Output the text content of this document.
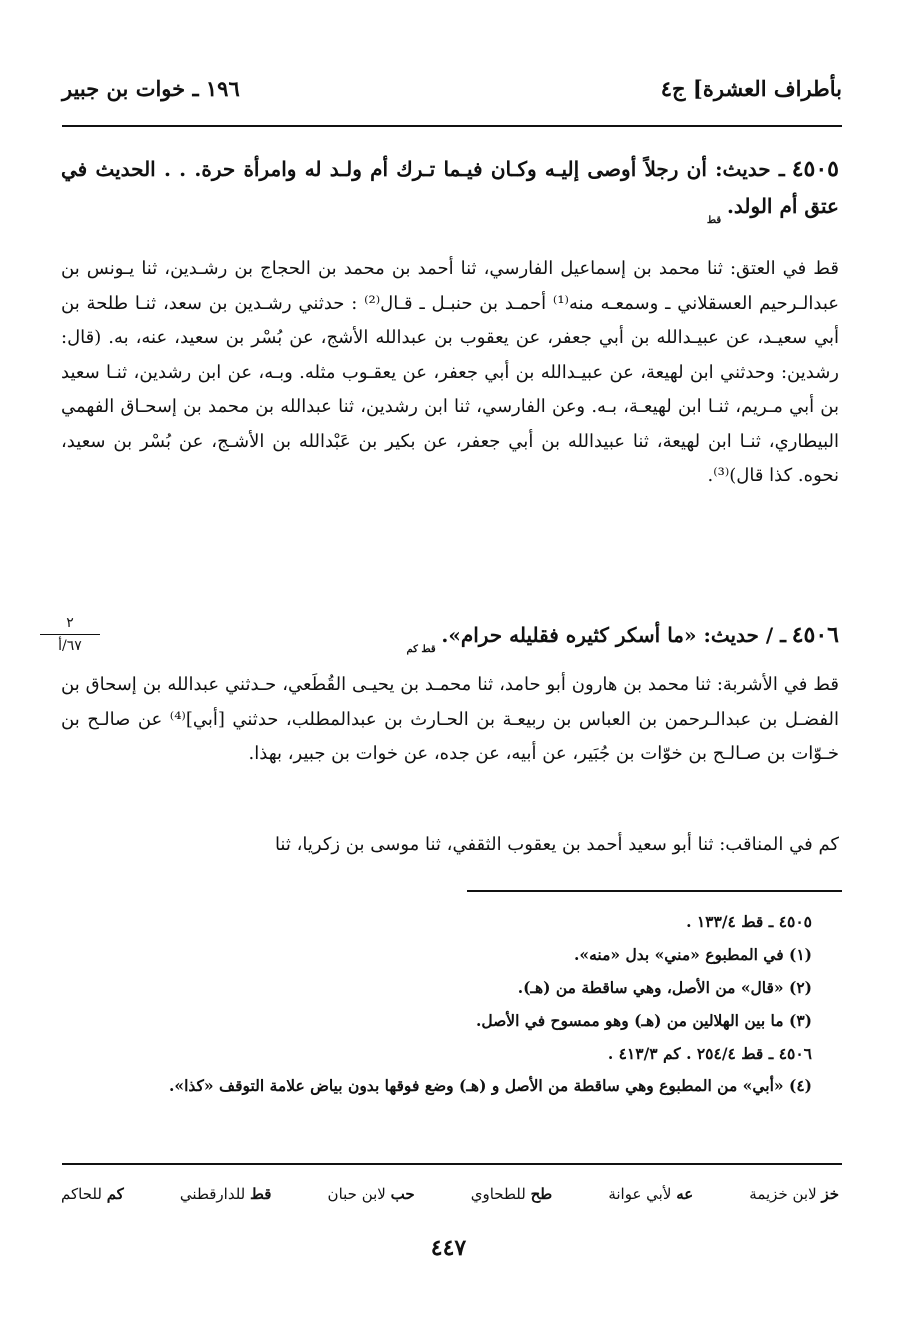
بأطراف العشرة] ج٤
١٩٦ ـ خوات بن جبير
٤٥٠٥ ـ حديث: أن رجلاً أوصى إليـه وكـان فيـما تـرك أم ولـد له وامرأة حرة. . . الحديث في عتق أم الولد. $_{قط}$
قط في العتق: ثنا محمد بن إسماعيل الفارسي، ثنا أحمد بن محمد بن الحجاج بن رشـدين، ثنا يـونس بن عبدالـرحيم العسقلاني ـ وسمعـه منه⁽¹⁾ أحمـد بن حنبـل ـ قـال⁽²⁾ : حدثني رشـدين بن سعد، ثنـا طلحة بن أبي سعيـد، عن عبيـدالله بن أبي جعفر، عن يعقوب بن عبدالله الأشج، عن بُسْر بن سعيد، عنه، به. (قال: رشدين: وحدثني ابن لهيعة، عن عبيـدالله بن أبي جعفر، عن يعقـوب مثله. وبـه، عن ابن رشدين، ثنـا سعيد بن أبي مـريم، ثنـا ابن لهيعـة، بـه. وعن الفارسي، ثنا ابن رشدين، ثنا عبدالله بن محمد بن إسحـاق الفهمي البيطاري، ثنـا ابن لهيعة، ثنا عبيدالله بن أبي جعفر، عن بكير بن عَبْدالله بن الأشـج، عن بُسْر بن سعيد، نحوه. كذا قال)⁽³⁾.
٢
٦٧/أ	٤٥٠٦ ـ / حديث: «ما أسكر كثيره فقليله حرام». $_{قط كم}$
قط في الأشربة: ثنا محمد بن هارون أبو حامد، ثنا محمـد بن يحيـى القُطَعي، حـدثني عبدالله بن إسحاق بن الفضـل بن عبدالـرحمن بن العباس بن ربيعـة بن الحـارث بن عبدالمطلب، حدثني [أبي]⁽⁴⁾ عن صالـح بن خـوّات بن صـالـح بن خوّات بن جُبَير، عن أبيه، عن جده، عن خوات بن جبير، بهذا.
كم في المناقب: ثنا أبو سعيد أحمد بن يعقوب الثقفي، ثنا موسى بن زكريا، ثنا
٤٥٠٥ ـ قط ١٣٣/٤ .
(١) في المطبوع «مني» بدل «منه».
(٢) «قال» من الأصل، وهي ساقطة من (هـ).
(٣) ما بين الهلالين من (هـ) وهو ممسوح في الأصل.
٤٥٠٦ ـ قط ٢٥٤/٤ . كم ٤١٣/٣ .
(٤) «أبي» من المطبوع وهي ساقطة من الأصل و (هـ) وضع فوقها بدون بياض علامة التوقف «كذا».
خز لابن خزيمة
عه لأبي عوانة
طح للطحاوي
حب لابن حبان
قط للدارقطني
كم للحاكم
٤٤٧
